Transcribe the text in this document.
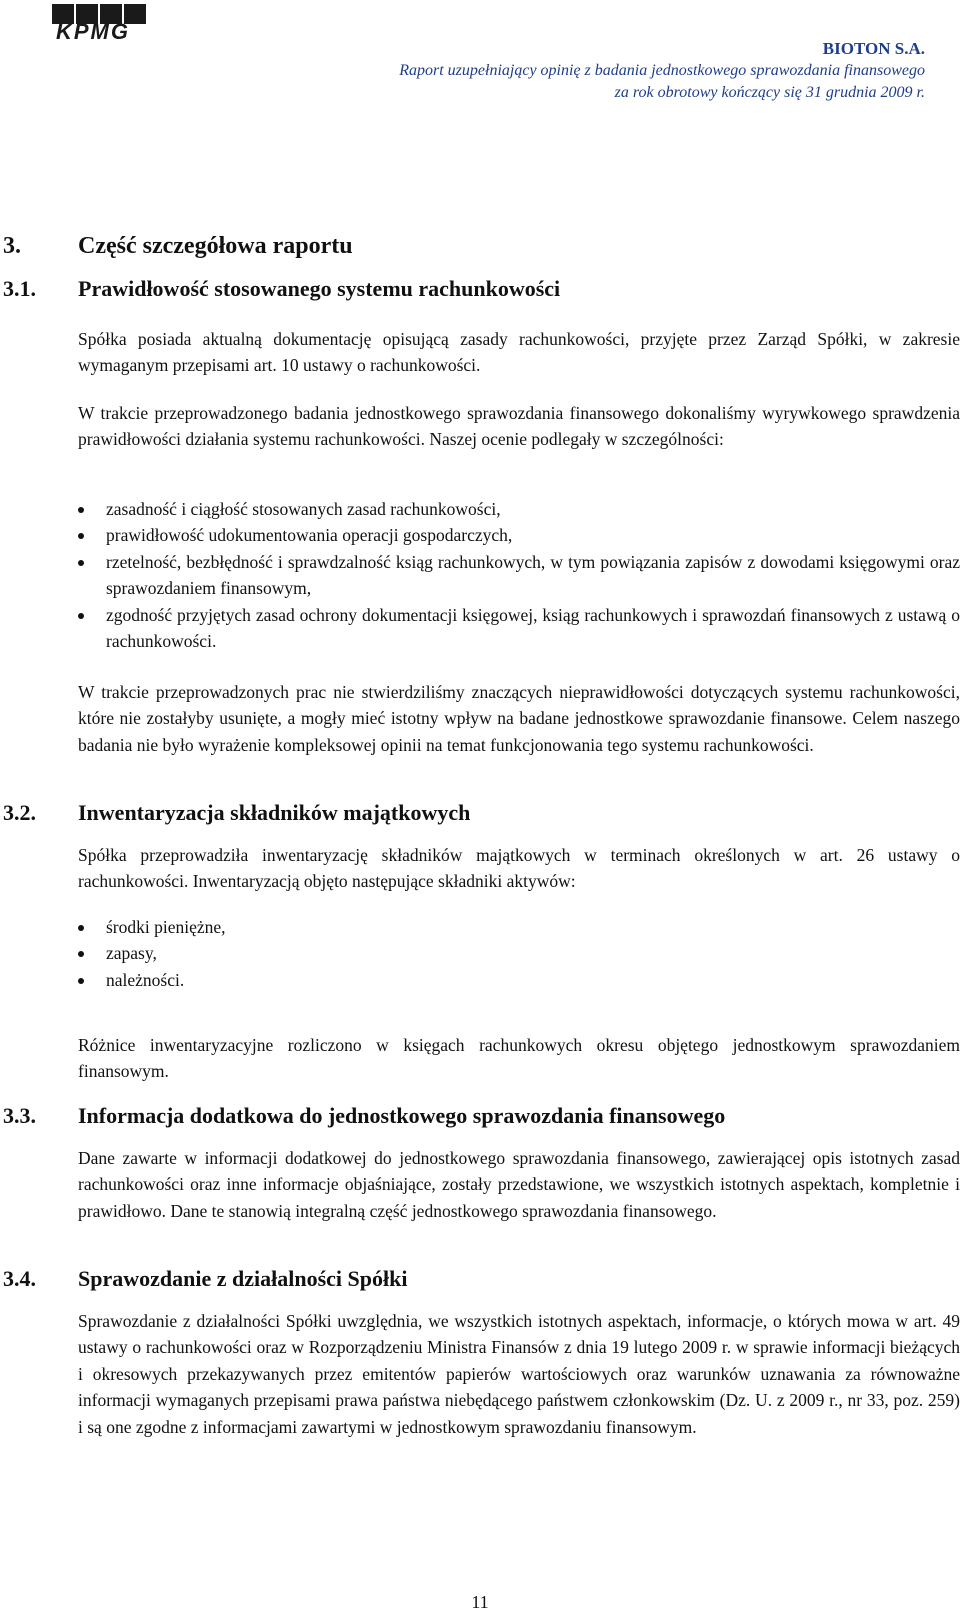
KPMG
BIOTON S.A.
Raport uzupełniający opinię z badania jednostkowego sprawozdania finansowego
za rok obrotowy kończący się 31 grudnia 2009 r.
3. Część szczegółowa raportu
3.1. Prawidłowość stosowanego systemu rachunkowości
Spółka posiada aktualną dokumentację opisującą zasady rachunkowości, przyjęte przez Zarząd Spółki, w zakresie wymaganym przepisami art. 10 ustawy o rachunkowości.
W trakcie przeprowadzonego badania jednostkowego sprawozdania finansowego dokonaliśmy wyrywkowego sprawdzenia prawidłowości działania systemu rachunkowości. Naszej ocenie podlegały w szczególności:
zasadność i ciągłość stosowanych zasad rachunkowości,
prawidłowość udokumentowania operacji gospodarczych,
rzetelność, bezbłędność i sprawdzalność ksiąg rachunkowych, w tym powiązania zapisów z dowodami księgowymi oraz sprawozdaniem finansowym,
zgodność przyjętych zasad ochrony dokumentacji księgowej, ksiąg rachunkowych i sprawozdań finansowych z ustawą o rachunkowości.
W trakcie przeprowadzonych prac nie stwierdziliśmy znaczących nieprawidłowości dotyczących systemu rachunkowości, które nie zostałyby usunięte, a mogły mieć istotny wpływ na badane jednostkowe sprawozdanie finansowe. Celem naszego badania nie było wyrażenie kompleksowej opinii na temat funkcjonowania tego systemu rachunkowości.
3.2. Inwentaryzacja składników majątkowych
Spółka przeprowadziła inwentaryzację składników majątkowych w terminach określonych w art. 26 ustawy o rachunkowości. Inwentaryzacją objęto następujące składniki aktywów:
środki pieniężne,
zapasy,
należności.
Różnice inwentaryzacyjne rozliczono w księgach rachunkowych okresu objętego jednostkowym sprawozdaniem finansowym.
3.3. Informacja dodatkowa do jednostkowego sprawozdania finansowego
Dane zawarte w informacji dodatkowej do jednostkowego sprawozdania finansowego, zawierającej opis istotnych zasad rachunkowości oraz inne informacje objaśniające, zostały przedstawione, we wszystkich istotnych aspektach, kompletnie i prawidłowo. Dane te stanowią integralną część jednostkowego sprawozdania finansowego.
3.4. Sprawozdanie z działalności Spółki
Sprawozdanie z działalności Spółki uwzględnia, we wszystkich istotnych aspektach, informacje, o których mowa w art. 49 ustawy o rachunkowości oraz w Rozporządzeniu Ministra Finansów z dnia 19 lutego 2009 r. w sprawie informacji bieżących i okresowych przekazywanych przez emitentów papierów wartościowych oraz warunków uznawania za równoważne informacji wymaganych przepisami prawa państwa niebędącego państwem członkowskim (Dz. U. z 2009 r., nr 33, poz. 259) i są one zgodne z informacjami zawartymi w jednostkowym sprawozdaniu finansowym.
11
